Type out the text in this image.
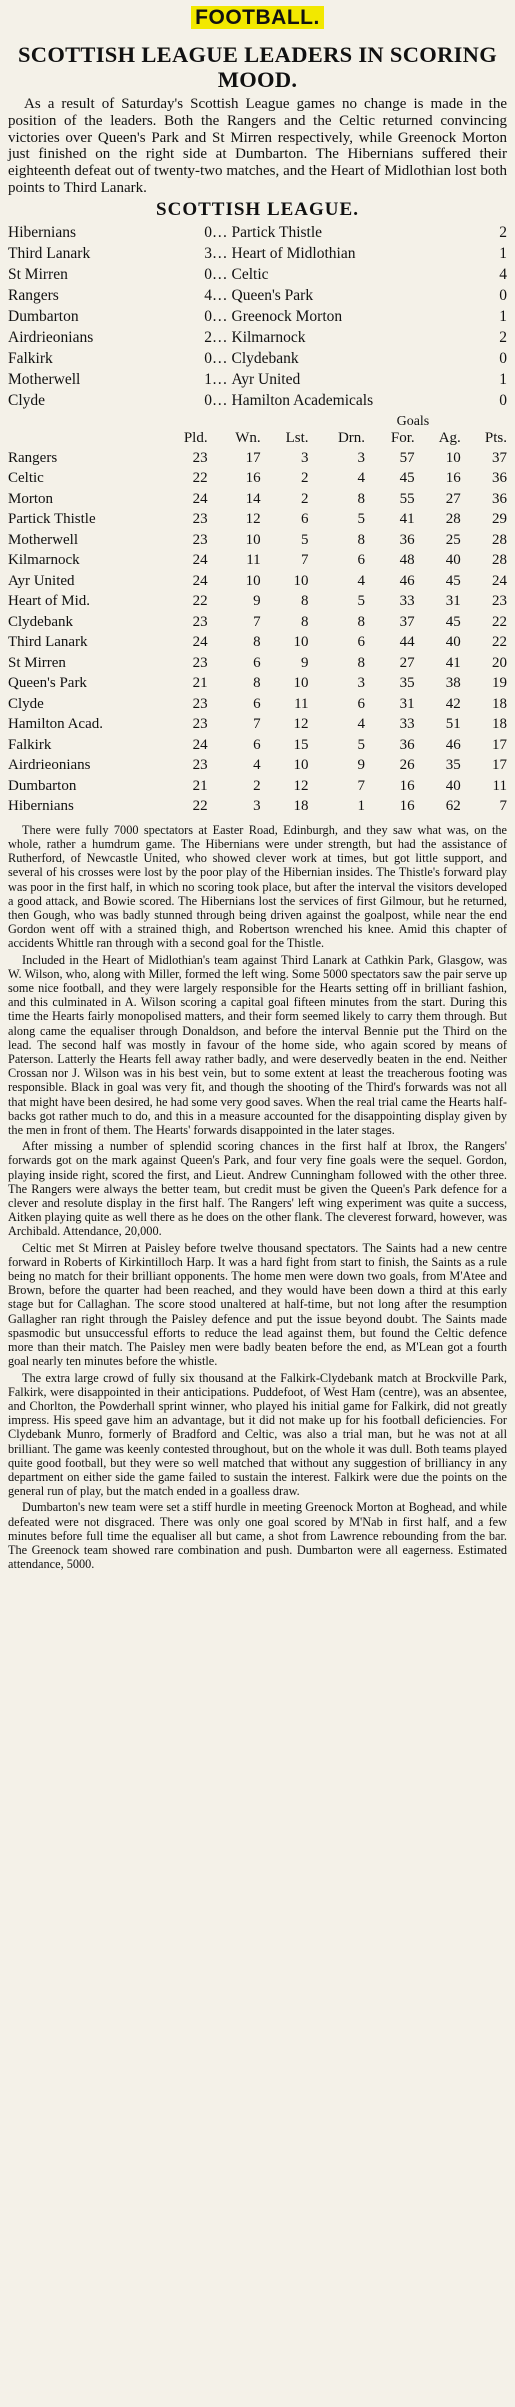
FOOTBALL.
SCOTTISH LEAGUE LEADERS IN SCORING MOOD.

As a result of Saturday's Scottish League games no change is made in the position of the leaders. Both the Rangers and the Celtic returned convincing victories over Queen's Park and St Mirren respectively, while Greenock Morton just finished on the right side at Dumbarton. The Hibernians suffered their eighteenth defeat out of twenty-two matches, and the Heart of Midlothian lost both points to Third Lanark.

SCOTTISH LEAGUE.
Hibernians	0	…	Partick Thistle	2
Third Lanark	3	…	Heart of Midlothian	1
St Mirren	0	…	Celtic	4
Rangers	4	…	Queen's Park	0
Dumbarton	0	…	Greenock Morton	1
Airdrieonians	2	…	Kilmarnock	2
Falkirk	0	…	Clydebank	0
Motherwell	1	…	Ayr United	1
Clyde	0	…	Hamilton Academicals	0
					Goals		
	Pld.	Wn.	Lst.	Drn.	For.	Ag.	Pts.
Rangers	23	17	3	3	57	10	37
Celtic	22	16	2	4	45	16	36
Morton	24	14	2	8	55	27	36
Partick Thistle	23	12	6	5	41	28	29
Motherwell	23	10	5	8	36	25	28
Kilmarnock	24	11	7	6	48	40	28
Ayr United	24	10	10	4	46	45	24
Heart of Mid.	22	9	8	5	33	31	23
Clydebank	23	7	8	8	37	45	22
Third Lanark	24	8	10	6	44	40	22
St Mirren	23	6	9	8	27	41	20
Queen's Park	21	8	10	3	35	38	19
Clyde	23	6	11	6	31	42	18
Hamilton Acad.	23	7	12	4	33	51	18
Falkirk	24	6	15	5	36	46	17
Airdrieonians	23	4	10	9	26	35	17
Dumbarton	21	2	12	7	16	40	11
Hibernians	22	3	18	1	16	62	7

There were fully 7000 spectators at Easter Road, Edinburgh, and they saw what was, on the whole, rather a humdrum game. The Hibernians were under strength, but had the assistance of Rutherford, of Newcastle United, who showed clever work at times, but got little support, and several of his crosses were lost by the poor play of the Hibernian insides. The Thistle's forward play was poor in the first half, in which no scoring took place, but after the interval the visitors developed a good attack, and Bowie scored. The Hibernians lost the services of first Gilmour, but he returned, then Gough, who was badly stunned through being driven against the goalpost, while near the end Gordon went off with a strained thigh, and Robertson wrenched his knee. Amid this chapter of accidents Whittle ran through with a second goal for the Thistle.

Included in the Heart of Midlothian's team against Third Lanark at Cathkin Park, Glasgow, was W. Wilson, who, along with Miller, formed the left wing. Some 5000 spectators saw the pair serve up some nice football, and they were largely responsible for the Hearts setting off in brilliant fashion, and this culminated in A. Wilson scoring a capital goal fifteen minutes from the start. During this time the Hearts fairly monopolised matters, and their form seemed likely to carry them through. But along came the equaliser through Donaldson, and before the interval Bennie put the Third on the lead. The second half was mostly in favour of the home side, who again scored by means of Paterson. Latterly the Hearts fell away rather badly, and were deservedly beaten in the end. Neither Crossan nor J. Wilson was in his best vein, but to some extent at least the treacherous footing was responsible. Black in goal was very fit, and though the shooting of the Third's forwards was not all that might have been desired, he had some very good saves. When the real trial came the Hearts half-backs got rather much to do, and this in a measure accounted for the disappointing display given by the men in front of them. The Hearts' forwards disappointed in the later stages.

After missing a number of splendid scoring chances in the first half at Ibrox, the Rangers' forwards got on the mark against Queen's Park, and four very fine goals were the sequel. Gordon, playing inside right, scored the first, and Lieut. Andrew Cunningham followed with the other three. The Rangers were always the better team, but credit must be given the Queen's Park defence for a clever and resolute display in the first half. The Rangers' left wing experiment was quite a success, Aitken playing quite as well there as he does on the other flank. The cleverest forward, however, was Archibald. Attendance, 20,000.

Celtic met St Mirren at Paisley before twelve thousand spectators. The Saints had a new centre forward in Roberts of Kirkintilloch Harp. It was a hard fight from start to finish, the Saints as a rule being no match for their brilliant opponents. The home men were down two goals, from M'Atee and Brown, before the quarter had been reached, and they would have been down a third at this early stage but for Callaghan. The score stood unaltered at half-time, but not long after the resumption Gallagher ran right through the Paisley defence and put the issue beyond doubt. The Saints made spasmodic but unsuccessful efforts to reduce the lead against them, but found the Celtic defence more than their match. The Paisley men were badly beaten before the end, as M'Lean got a fourth goal nearly ten minutes before the whistle.

The extra large crowd of fully six thousand at the Falkirk-Clydebank match at Brockville Park, Falkirk, were disappointed in their anticipations. Puddefoot, of West Ham (centre), was an absentee, and Chorlton, the Powderhall sprint winner, who played his initial game for Falkirk, did not greatly impress. His speed gave him an advantage, but it did not make up for his football deficiencies. For Clydebank Munro, formerly of Bradford and Celtic, was also a trial man, but he was not at all brilliant. The game was keenly contested throughout, but on the whole it was dull. Both teams played quite good football, but they were so well matched that without any suggestion of brilliancy in any department on either side the game failed to sustain the interest. Falkirk were due the points on the general run of play, but the match ended in a goalless draw.

Dumbarton's new team were set a stiff hurdle in meeting Greenock Morton at Boghead, and while defeated were not disgraced. There was only one goal scored by M'Nab in first half, and a few minutes before full time the equaliser all but came, a shot from Lawrence rebounding from the bar. The Greenock team showed rare combination and push. Dumbarton were all eagerness. Estimated attendance, 5000.
